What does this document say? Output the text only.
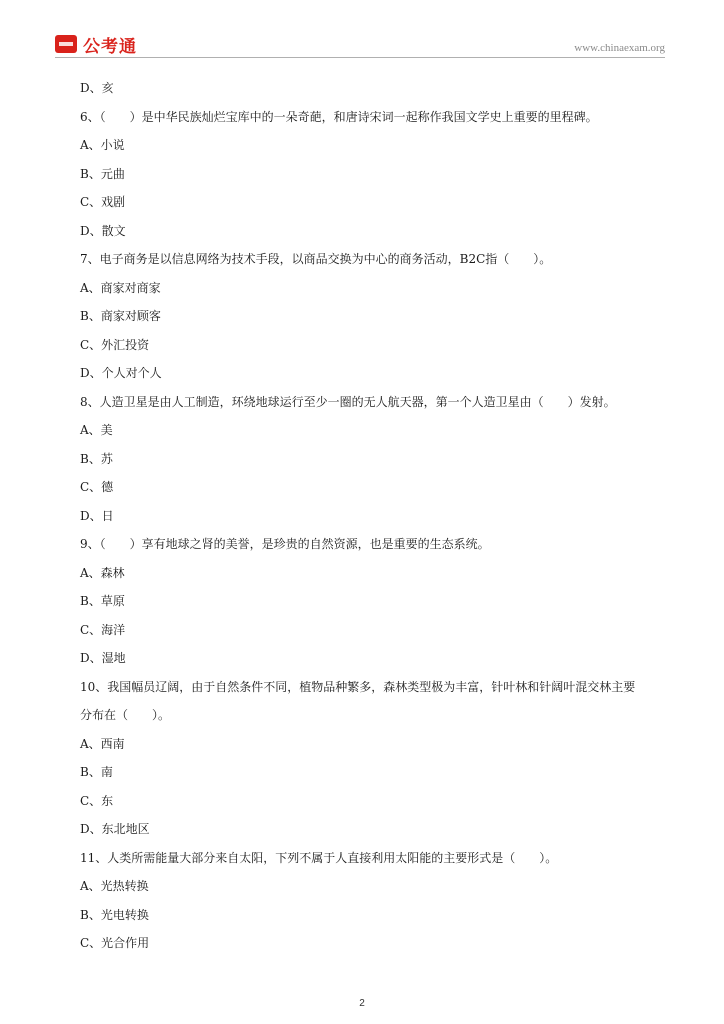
公考通	www.chinaexam.org
D、亥
6、（　　）是中华民族灿烂宝库中的一朵奇葩，和唐诗宋词一起称作我国文学史上重要的里程碑。
A、小说
B、元曲
C、戏剧
D、散文
7、电子商务是以信息网络为技术手段，以商品交换为中心的商务活动，B2C指（　　）。
A、商家对商家
B、商家对顾客
C、外汇投资
D、个人对个人
8、人造卫星是由人工制造，环绕地球运行至少一圈的无人航天器，第一个人造卫星由（　　）发射。
A、美
B、苏
C、德
D、日
9、（　　）享有地球之肾的美誉，是珍贵的自然资源，也是重要的生态系统。
A、森林
B、草原
C、海洋
D、湿地
10、我国幅员辽阔，由于自然条件不同，植物品种繁多，森林类型极为丰富，针叶林和针阔叶混交林主要
分布在（　　）。
A、西南
B、南
C、东
D、东北地区
11、人类所需能量大部分来自太阳，下列不属于人直接利用太阳能的主要形式是（　　）。
A、光热转换
B、光电转换
C、光合作用
2
